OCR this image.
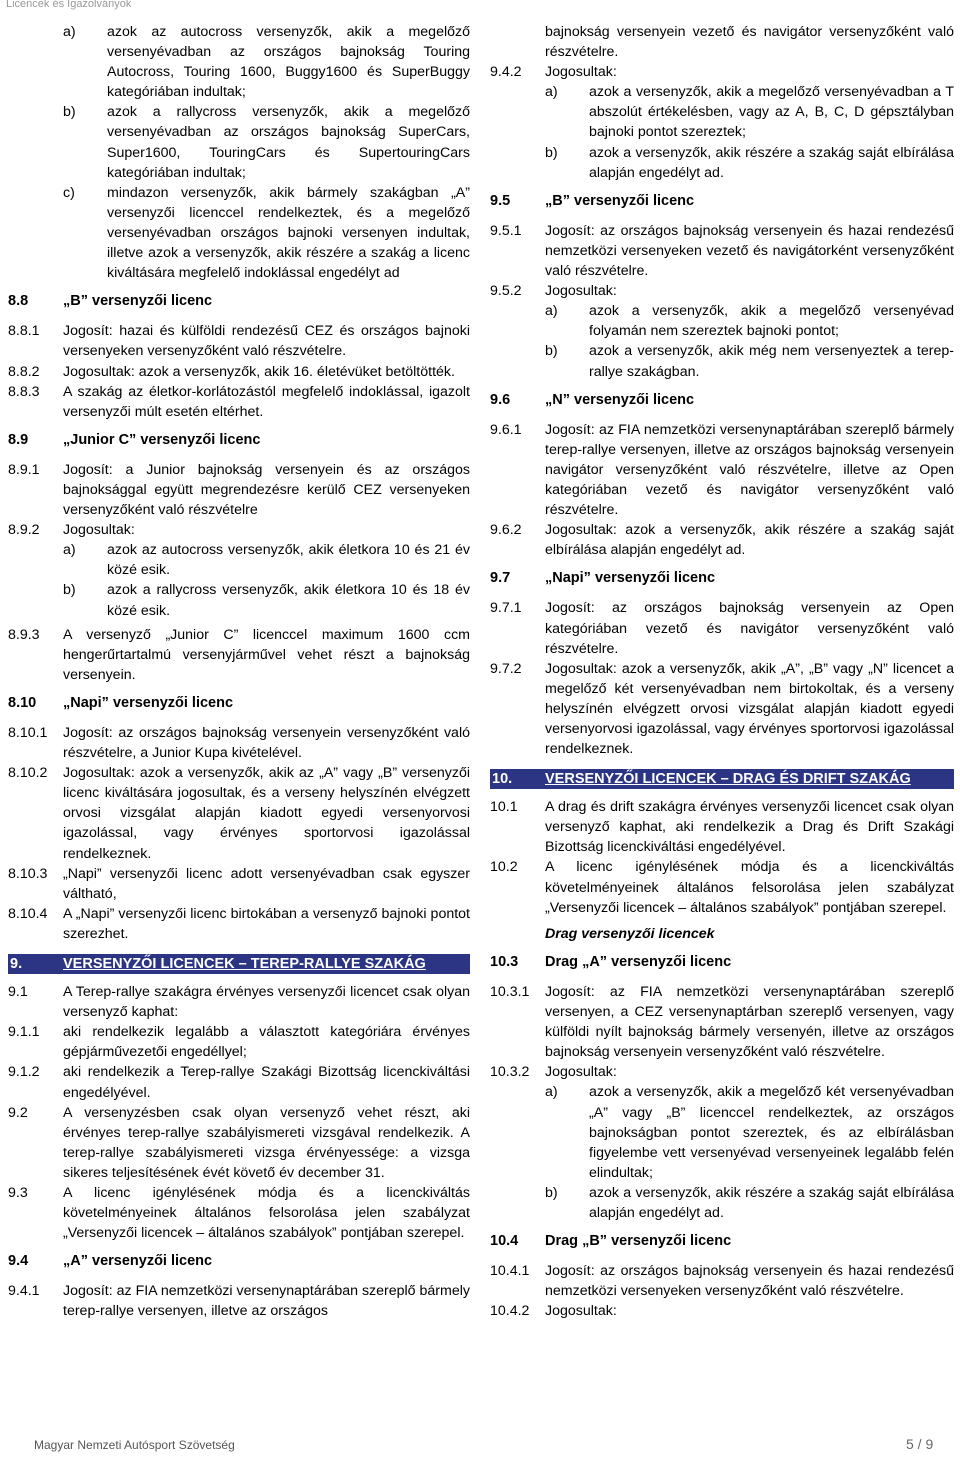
Licencek és Igazolványok
a)	azok az autocross versenyzők, akik a megelőző versenyévadban az országos bajnokság Touring Autocross, Touring 1600, Buggy1600 és SuperBuggy kategóriában indultak;
b)	azok a rallycross versenyzők, akik a megelőző versenyévadban az országos bajnokság SuperCars, Super1600, TouringCars és SupertouringCars kategóriában indultak;
c)	mindazon versenyzők, akik bármely szakágban „A” versenyzői licenccel rendelkeztek, és a megelőző versenyévadban országos bajnoki versenyen indultak, illetve azok a versenyzők, akik részére a szakág a licenc kiváltására megfelelő indoklással engedélyt ad
8.8	„B” versenyzői licenc
8.8.1	Jogosít: hazai és külföldi rendezésű CEZ és országos bajnoki versenyeken versenyzőként való részvételre.
8.8.2	Jogosultak: azok a versenyzők, akik 16. életévüket betöltötték.
8.8.3	A szakág az életkor-korlátozástól megfelelő indoklással, igazolt versenyzői múlt esetén eltérhet.
8.9	„Junior C” versenyzői licenc
8.9.1	Jogosít: a Junior bajnokság versenyein és az országos bajnoksággal együtt megrendezésre kerülő CEZ versenyeken versenyzőként való részvételre
8.9.2	Jogosultak:
a)	azok az autocross versenyzők, akik életkora 10 és 21 év közé esik.
b)	azok a rallycross versenyzők, akik életkora 10 és 18 év közé esik.
8.9.3	A versenyző „Junior C” licenccel maximum 1600 ccm hengerűrtartalmú versenyjárművel vehet részt a bajnokság versenyein.
8.10	„Napi” versenyzői licenc
8.10.1	Jogosít: az országos bajnokság versenyein versenyzőként való részvételre, a Junior Kupa kivételével.
8.10.2	Jogosultak: azok a versenyzők, akik az „A” vagy „B” versenyzői licenc kiváltására jogosultak, és a verseny helyszínén elvégzett orvosi vizsgálat alapján kiadott egyedi versenyorvosi igazolással, vagy érvényes sportorvosi igazolással rendelkeznek.
8.10.3	„Napi” versenyzői licenc adott versenyévadban csak egyszer váltható,
8.10.4	A „Napi” versenyzői licenc birtokában a versenyző bajnoki pontot szerezhet.
9.	VERSENYZŐI LICENCEK – TEREP-RALLYE SZAKÁG
9.1	A Terep-rallye szakágra érvényes versenyzői licencet csak olyan versenyző kaphat:
9.1.1	aki rendelkezik legalább a választott kategóriára érvényes gépjárművezetői engedéllyel;
9.1.2	aki rendelkezik a Terep-rallye Szakági Bizottság licenckiváltási engedélyével.
9.2	A versenyzésben csak olyan versenyző vehet részt, aki érvényes terep-rallye szabályismereti vizsgával rendelkezik. A terep-rallye szabályismereti vizsga érvényessége: a vizsga sikeres teljesítésének évét követő év december 31.
9.3	A licenc igénylésének módja és a licenckiváltás követelményeinek általános felsorolása jelen szabályzat „Versenyzői licencek – általános szabályok” pontjában szerepel.
9.4	„A” versenyzői licenc
9.4.1	Jogosít: az FIA nemzetközi versenynaptárában szereplő bármely terep-rallye versenyen, illetve az országos
bajnokság versenyein vezető és navigátor versenyzőként való részvételre.
9.4.2	Jogosultak:
a)	azok a versenyzők, akik a megelőző versenyévadban a T abszolút értékelésben, vagy az A, B, C, D gépsztályban bajnoki pontot szereztek;
b)	azok a versenyzők, akik részére a szakág saját elbírálása alapján engedélyt ad.
9.5	„B” versenyzői licenc
9.5.1	Jogosít: az országos bajnokság versenyein és hazai rendezésű nemzetközi versenyeken vezető és navigátorként versenyzőként való részvételre.
9.5.2	Jogosultak:
a)	azok a versenyzők, akik a megelőző versenyévad folyamán nem szereztek bajnoki pontot;
b)	azok a versenyzők, akik még nem versenyeztek a terep-rallye szakágban.
9.6	„N” versenyzői licenc
9.6.1	Jogosít: az FIA nemzetközi versenynaptárában szereplő bármely terep-rallye versenyen, illetve az országos bajnokság versenyein navigátor versenyzőként való részvételre, illetve az Open kategóriában vezető és navigátor versenyzőként való részvételre.
9.6.2	Jogosultak: azok a versenyzők, akik részére a szakág saját elbírálása alapján engedélyt ad.
9.7	„Napi” versenyzői licenc
9.7.1	Jogosít: az országos bajnokság versenyein az Open kategóriában vezető és navigátor versenyzőként való részvételre.
9.7.2	Jogosultak: azok a versenyzők, akik „A”, „B” vagy „N” licencet a megelőző két versenyévadban nem birtokoltak, és a verseny helyszínén elvégzett orvosi vizsgálat alapján kiadott egyedi versenyorvosi igazolással, vagy érvényes sportorvosi igazolással rendelkeznek.
10.	VERSENYZŐI LICENCEK – DRAG ÉS DRIFT SZAKÁG
10.1	A drag és drift szakágra érvényes versenyzői licencet csak olyan versenyző kaphat, aki rendelkezik a Drag és Drift Szakági Bizottság licenckiváltási engedélyével.
10.2	A licenc igénylésének módja és a licenckiváltás követelményeinek általános felsorolása jelen szabályzat „Versenyzői licencek – általános szabályok” pontjában szerepel.
Drag versenyzői licencek
10.3	Drag „A” versenyzői licenc
10.3.1	Jogosít: az FIA nemzetközi versenynaptárában szereplő versenyen, a CEZ versenynaptárban szereplő versenyen, vagy külföldi nyílt bajnokság bármely versenyén, illetve az országos bajnokság versenyein versenyzőként való részvételre.
10.3.2	Jogosultak:
a)	azok a versenyzők, akik a megelőző két versenyévadban „A” vagy „B” licenccel rendelkeztek, az országos bajnokságban pontot szereztek, és az elbírálásban figyelembe vett versenyévad versenyeinek legalább felén elindultak;
b)	azok a versenyzők, akik részére a szakág saját elbírálása alapján engedélyt ad.
10.4	Drag „B” versenyzői licenc
10.4.1	Jogosít: az országos bajnokság versenyein és hazai rendezésű nemzetközi versenyeken versenyzőként való részvételre.
10.4.2	Jogosultak:
Magyar Nemzeti Autósport Szövetség	5 / 9
